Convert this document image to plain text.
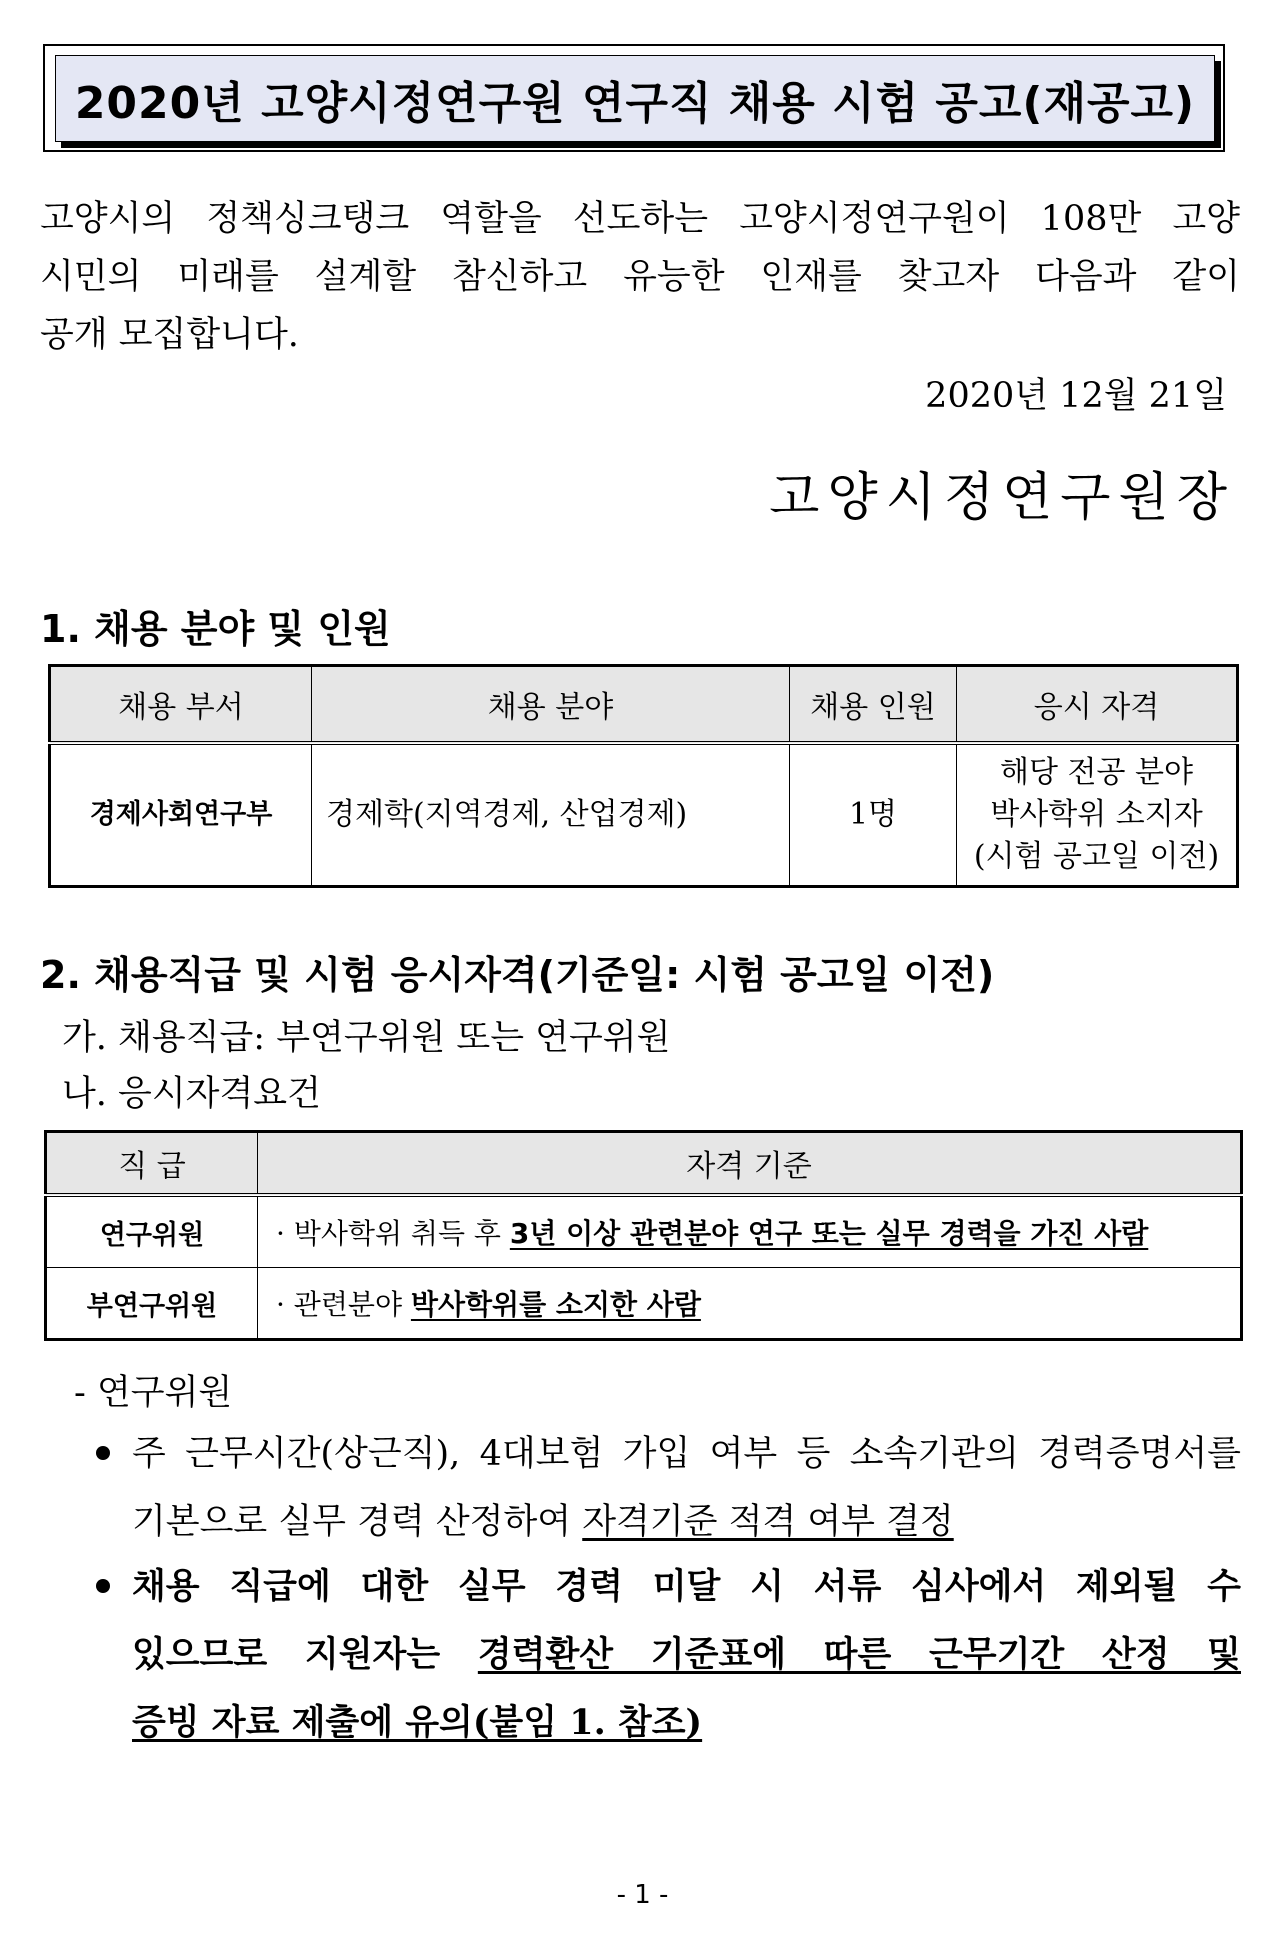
2020년 고양시정연구원 연구직 채용 시험 공고(재공고)

고양시의 정책싱크탱크 역할을 선도하는 고양시정연구원이 108만 고양
시민의 미래를 설계할 참신하고 유능한 인재를 찾고자 다음과 같이
공개 모집합니다.

2020년 12월 21일
고양시정연구원장
1. 채용 분야 및 인원
채용 부서	채용 분야	채용 인원	응시 자격
경제사회연구부	경제학(지역경제, 산업경제)	1명	해당 전공 분야
박사학위 소지자
(시험 공고일 이전)
2. 채용직급 및 시험 응시자격(기준일: 시험 공고일 이전)

가. 채용직급: 부연구위원 또는 연구위원

나. 응시자격요건

직 급	자격 기준
연구위원	· 박사학위 취득 후 3년 이상 관련분야 연구 또는 실무 경력을 가진 사람
부연구위원	· 관련분야 박사학위를 소지한 사람

- 연구위원

주 근무시간(상근직), 4대보험 가입 여부 등 소속기관의 경력증명서를
기본으로 실무 경력 산정하여 자격기준 적격 여부 결정
채용 직급에 대한 실무 경력 미달 시 서류 심사에서 제외될 수
있으므로 지원자는 경력환산 기준표에 따른 근무기간 산정 및
증빙 자료 제출에 유의(붙임 1. 참조)
- 1 -
